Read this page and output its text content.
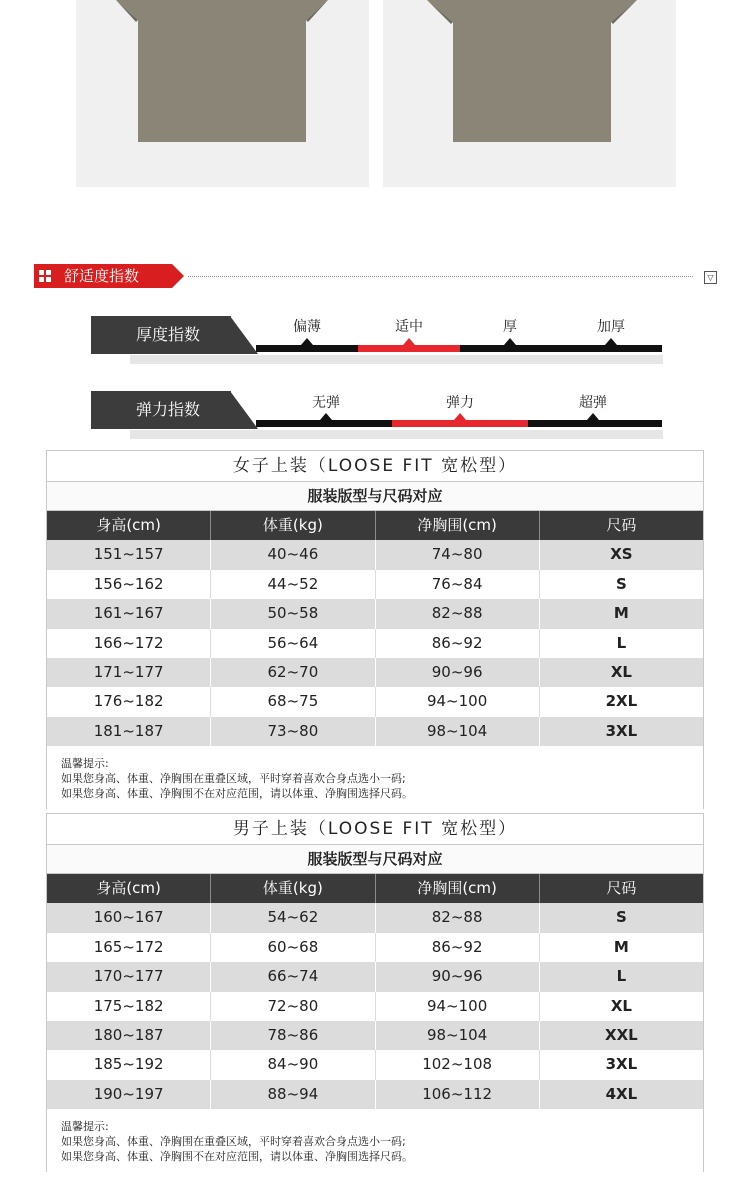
舒适度指数	▽
厚度指数	偏薄	适中	厚	加厚
弹力指数	无弹	弹力	超弹
女子上装（LOOSE FIT 宽松型）
服装版型与尺码对应
身高(cm)	体重(kg)	净胸围(cm)	尺码
151~157	40~46	74~80	XS
156~162	44~52	76~84	S
161~167	50~58	82~88	M
166~172	56~64	86~92	L
171~177	62~70	90~96	XL
176~182	68~75	94~100	2XL
181~187	73~80	98~104	3XL
温馨提示:
如果您身高、体重、净胸围在重叠区域，平时穿着喜欢合身点选小一码;
如果您身高、体重、净胸围不在对应范围，请以体重、净胸围选择尺码。
男子上装（LOOSE FIT 宽松型）
服装版型与尺码对应
身高(cm)	体重(kg)	净胸围(cm)	尺码
160~167	54~62	82~88	S
165~172	60~68	86~92	M
170~177	66~74	90~96	L
175~182	72~80	94~100	XL
180~187	78~86	98~104	XXL
185~192	84~90	102~108	3XL
190~197	88~94	106~112	4XL
温馨提示:
如果您身高、体重、净胸围在重叠区域，平时穿着喜欢合身点选小一码;
如果您身高、体重、净胸围不在对应范围，请以体重、净胸围选择尺码。
